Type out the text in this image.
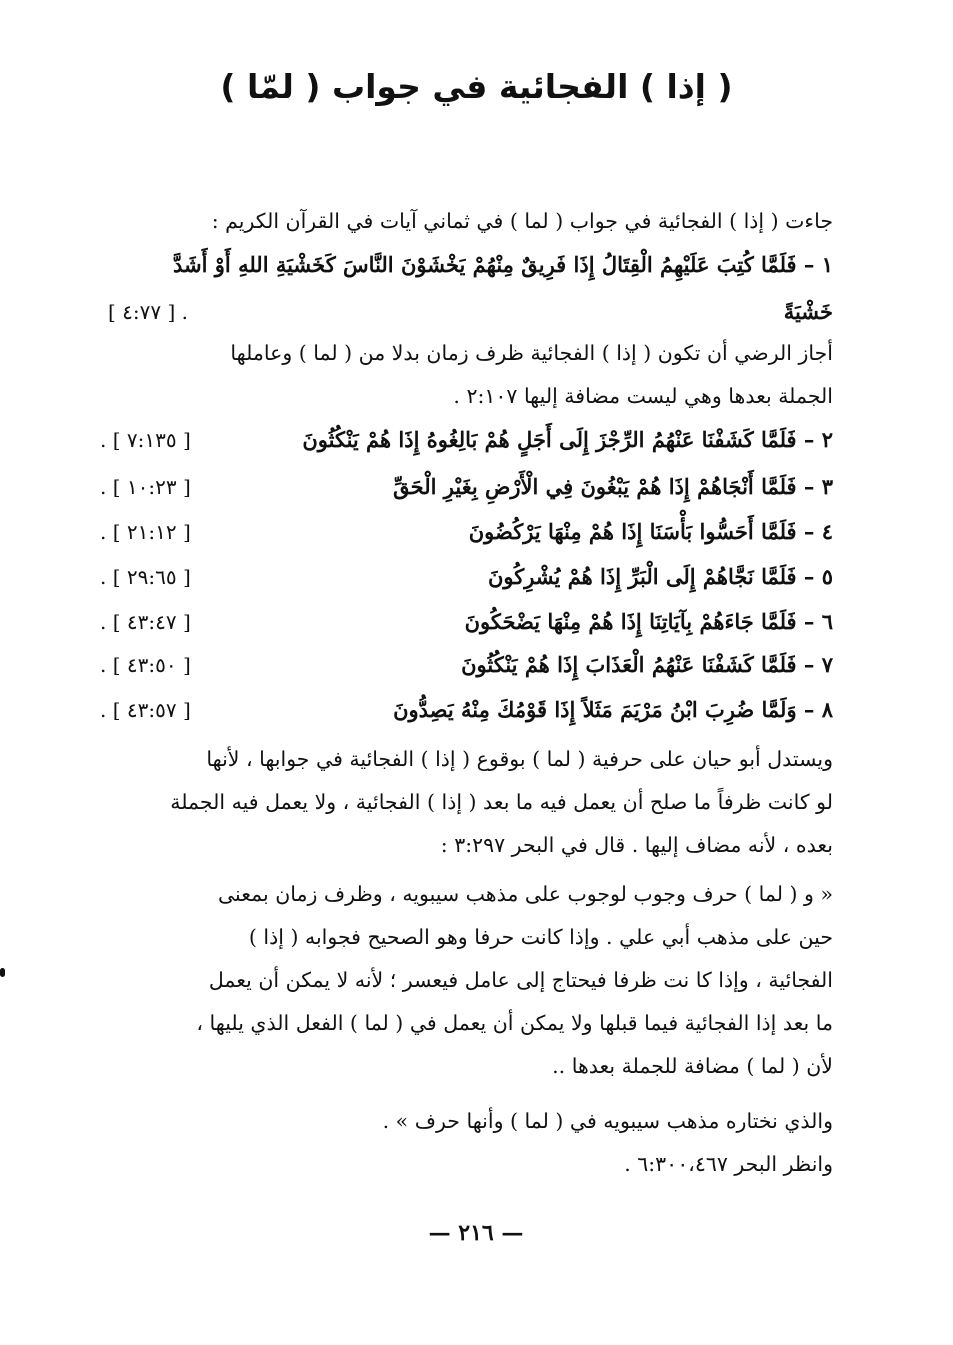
( إذا ) الفجائية في جواب ( لمّا )
جاءت ( إذا ) الفجائية في جواب ( لما ) في ثماني آيات في القرآن الكريم :
١ – فَلَمَّا كُتِبَ عَلَيْهِمُ الْقِتَالُ إِذَا فَرِيقٌ مِنْهُمْ يَخْشَوْنَ النَّاسَ كَخَشْيَةِ اللهِ أَوْ أَشَدَّ
خَشْيَةً
. [ ٤:٧٧ ]
أجاز الرضي أن تكون ( إذا ) الفجائية ظرف زمان بدلا من ( لما ) وعاملها
الجملة بعدها وهي ليست مضافة إليها ٢:١٠٧ .
٢ – فَلَمَّا كَشَفْنَا عَنْهُمُ الرِّجْزَ إِلَى أَجَلٍ هُمْ بَالِغُوهُ إِذَا هُمْ يَنْكُثُونَ
[ ٧:١٣٥ ] .
٣ – فَلَمَّا أَنْجَاهُمْ إِذَا هُمْ يَبْغُونَ فِي الْأَرْضِ بِغَيْرِ الْحَقِّ
[ ١٠:٢٣ ] .
٤ – فَلَمَّا أَحَسُّوا بَأْسَنَا إِذَا هُمْ مِنْهَا يَرْكُضُونَ
[ ٢١:١٢ ] .
٥ – فَلَمَّا نَجَّاهُمْ إِلَى الْبَرِّ إِذَا هُمْ يُشْرِكُونَ
[ ٢٩:٦٥ ] .
٦ – فَلَمَّا جَاءَهُمْ بِآيَاتِنَا إِذَا هُمْ مِنْهَا يَضْحَكُونَ
[ ٤٣:٤٧ ] .
٧ – فَلَمَّا كَشَفْنَا عَنْهُمُ الْعَذَابَ إِذَا هُمْ يَنْكُثُونَ
[ ٤٣:٥٠ ] .
٨ – وَلَمَّا ضُرِبَ ابْنُ مَرْيَمَ مَثَلاً إِذَا قَوْمُكَ مِنْهُ يَصِدُّونَ
[ ٤٣:٥٧ ] .
ويستدل أبو حيان على حرفية ( لما ) بوقوع ( إذا ) الفجائية في جوابها ، لأنها
لو كانت ظرفاً ما صلح أن يعمل فيه ما بعد ( إذا ) الفجائية ، ولا يعمل فيه الجملة
بعده ، لأنه مضاف إليها . قال في البحر ٣:٢٩٧ :
« و ( لما ) حرف وجوب لوجوب على مذهب سيبويه ، وظرف زمان بمعنى
حين على مذهب أبي علي . وإذا كانت حرفا وهو الصحيح فجوابه ( إذا )
الفجائية ، وإذا كا نت ظرفا فيحتاج إلى عامل فيعسر ؛ لأنه لا يمكن أن يعمل
ما بعد إذا الفجائية فيما قبلها ولا يمكن أن يعمل في ( لما ) الفعل الذي يليها ،
لأن ( لما ) مضافة للجملة بعدها ..
والذي نختاره مذهب سيبويه في ( لما ) وأنها حرف » .
وانظر البحر ٦:٣٠٠،٤٦٧ .
— ٢١٦ —
